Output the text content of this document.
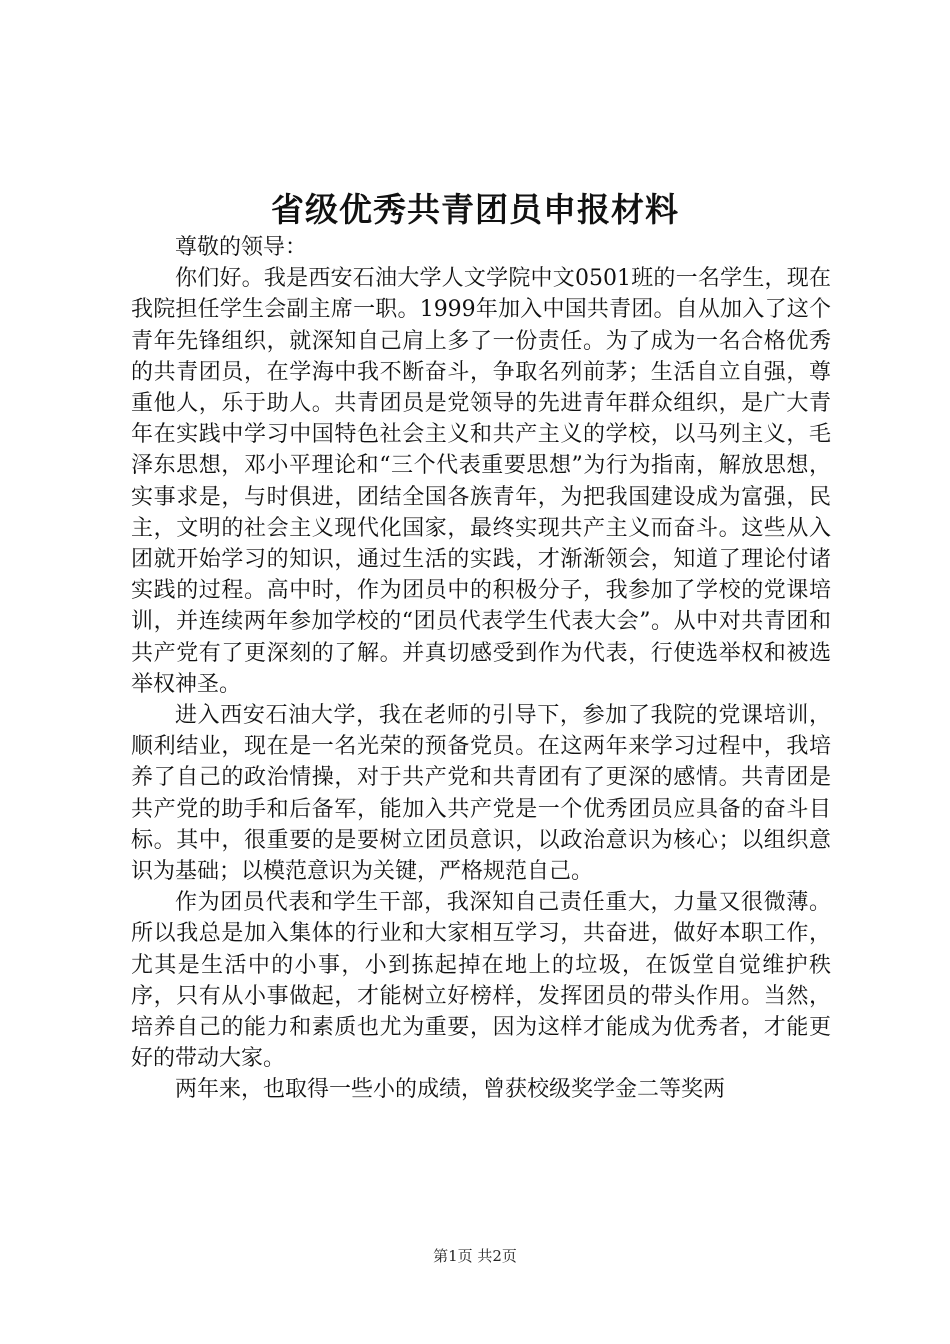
省级优秀共青团员申报材料

尊敬的领导：

你们好。我是西安石油大学人文学院中文0501班的一名学生，现在我院担任学生会副主席一职。1999年加入中国共青团。自从加入了这个青年先锋组织，就深知自己肩上多了一份责任。为了成为一名合格优秀的共青团员，在学海中我不断奋斗，争取名列前茅；生活自立自强，尊重他人，乐于助人。共青团员是党领导的先进青年群众组织，是广大青年在实践中学习中国特色社会主义和共产主义的学校，以马列主义，毛泽东思想，邓小平理论和“三个代表重要思想”为行为指南，解放思想，实事求是，与时俱进，团结全国各族青年，为把我国建设成为富强，民主，文明的社会主义现代化国家，最终实现共产主义而奋斗。这些从入团就开始学习的知识，通过生活的实践，才渐渐领会，知道了理论付诸实践的过程。高中时，作为团员中的积极分子，我参加了学校的党课培训，并连续两年参加学校的“团员代表学生代表大会”。从中对共青团和共产党有了更深刻的了解。并真切感受到作为代表，行使选举权和被选举权神圣。

进入西安石油大学，我在老师的引导下，参加了我院的党课培训，顺利结业，现在是一名光荣的预备党员。在这两年来学习过程中，我培养了自己的政治情操，对于共产党和共青团有了更深的感情。共青团是共产党的助手和后备军，能加入共产党是一个优秀团员应具备的奋斗目标。其中，很重要的是要树立团员意识，以政治意识为核心；以组织意识为基础；以模范意识为关键，严格规范自己。

作为团员代表和学生干部，我深知自己责任重大，力量又很微薄。所以我总是加入集体的行业和大家相互学习，共奋进，做好本职工作，尤其是生活中的小事，小到拣起掉在地上的垃圾，在饭堂自觉维护秩序，只有从小事做起，才能树立好榜样，发挥团员的带头作用。当然，培养自己的能力和素质也尤为重要，因为这样才能成为优秀者，才能更好的带动大家。

两年来，也取得一些小的成绩，曾获校级奖学金二等奖两

第1页 共2页
